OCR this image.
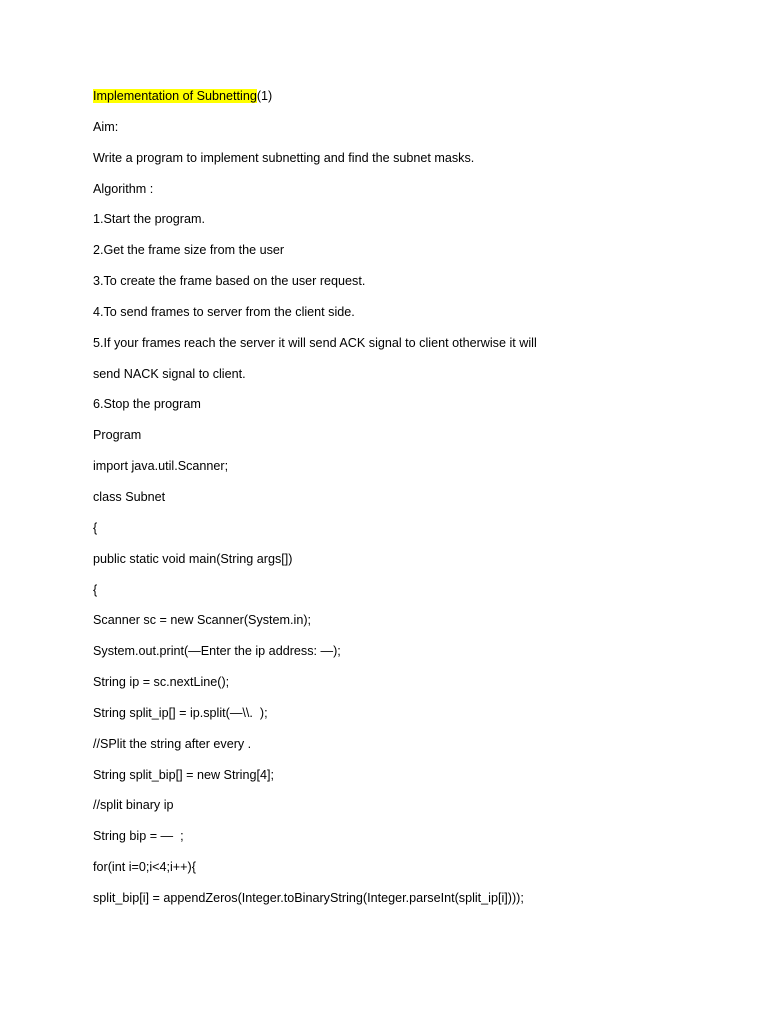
Implementation of Subnetting(1)
Aim:
Write a program to implement subnetting and find the subnet masks.
Algorithm :
1.Start the program.
2.Get the frame size from the user
3.To create the frame based on the user request.
4.To send frames to server from the client side.
5.If your frames reach the server it will send ACK signal to client otherwise it will
send NACK signal to client.
6.Stop the program
Program
import java.util.Scanner;
class Subnet
{
public static void main(String args[])
{
Scanner sc = new Scanner(System.in);
System.out.print(—Enter the ip address: —);
String ip = sc.nextLine();
String split_ip[] = ip.split(—\\.  );
//SPlit the string after every .
String split_bip[] = new String[4];
//split binary ip
String bip = —  ;
for(int i=0;i<4;i++){
split_bip[i] = appendZeros(Integer.toBinaryString(Integer.parseInt(split_ip[i])));
